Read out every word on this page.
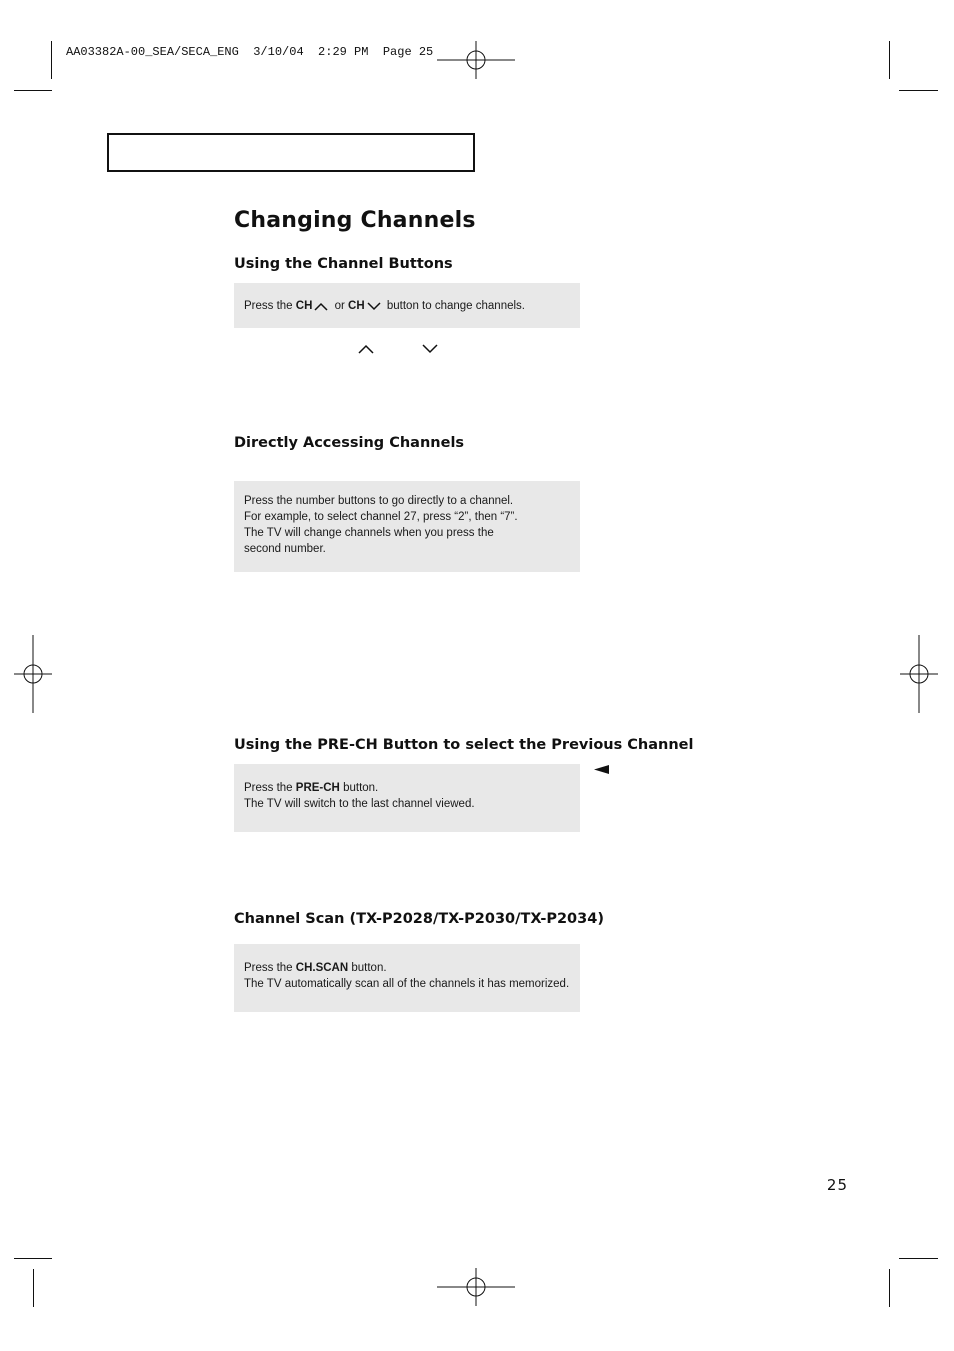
AA03382A-00_SEA/SECA_ENG  3/10/04  2:29 PM  Page 25
Changing Channels
Using the Channel Buttons
Press the CH or CH button to change channels.
Directly Accessing Channels
Press the number buttons to go directly to a channel.
For example, to select channel 27, press “2”, then “7”.
The TV will change channels when you press the
second number.
Using the PRE-CH Button to select the Previous Channel
Press the PRE-CH button.
The TV will switch to the last channel viewed.
Channel Scan (TX-P2028/TX-P2030/TX-P2034)
Press the CH.SCAN button.
The TV automatically scan all of the channels it has memorized.
25
